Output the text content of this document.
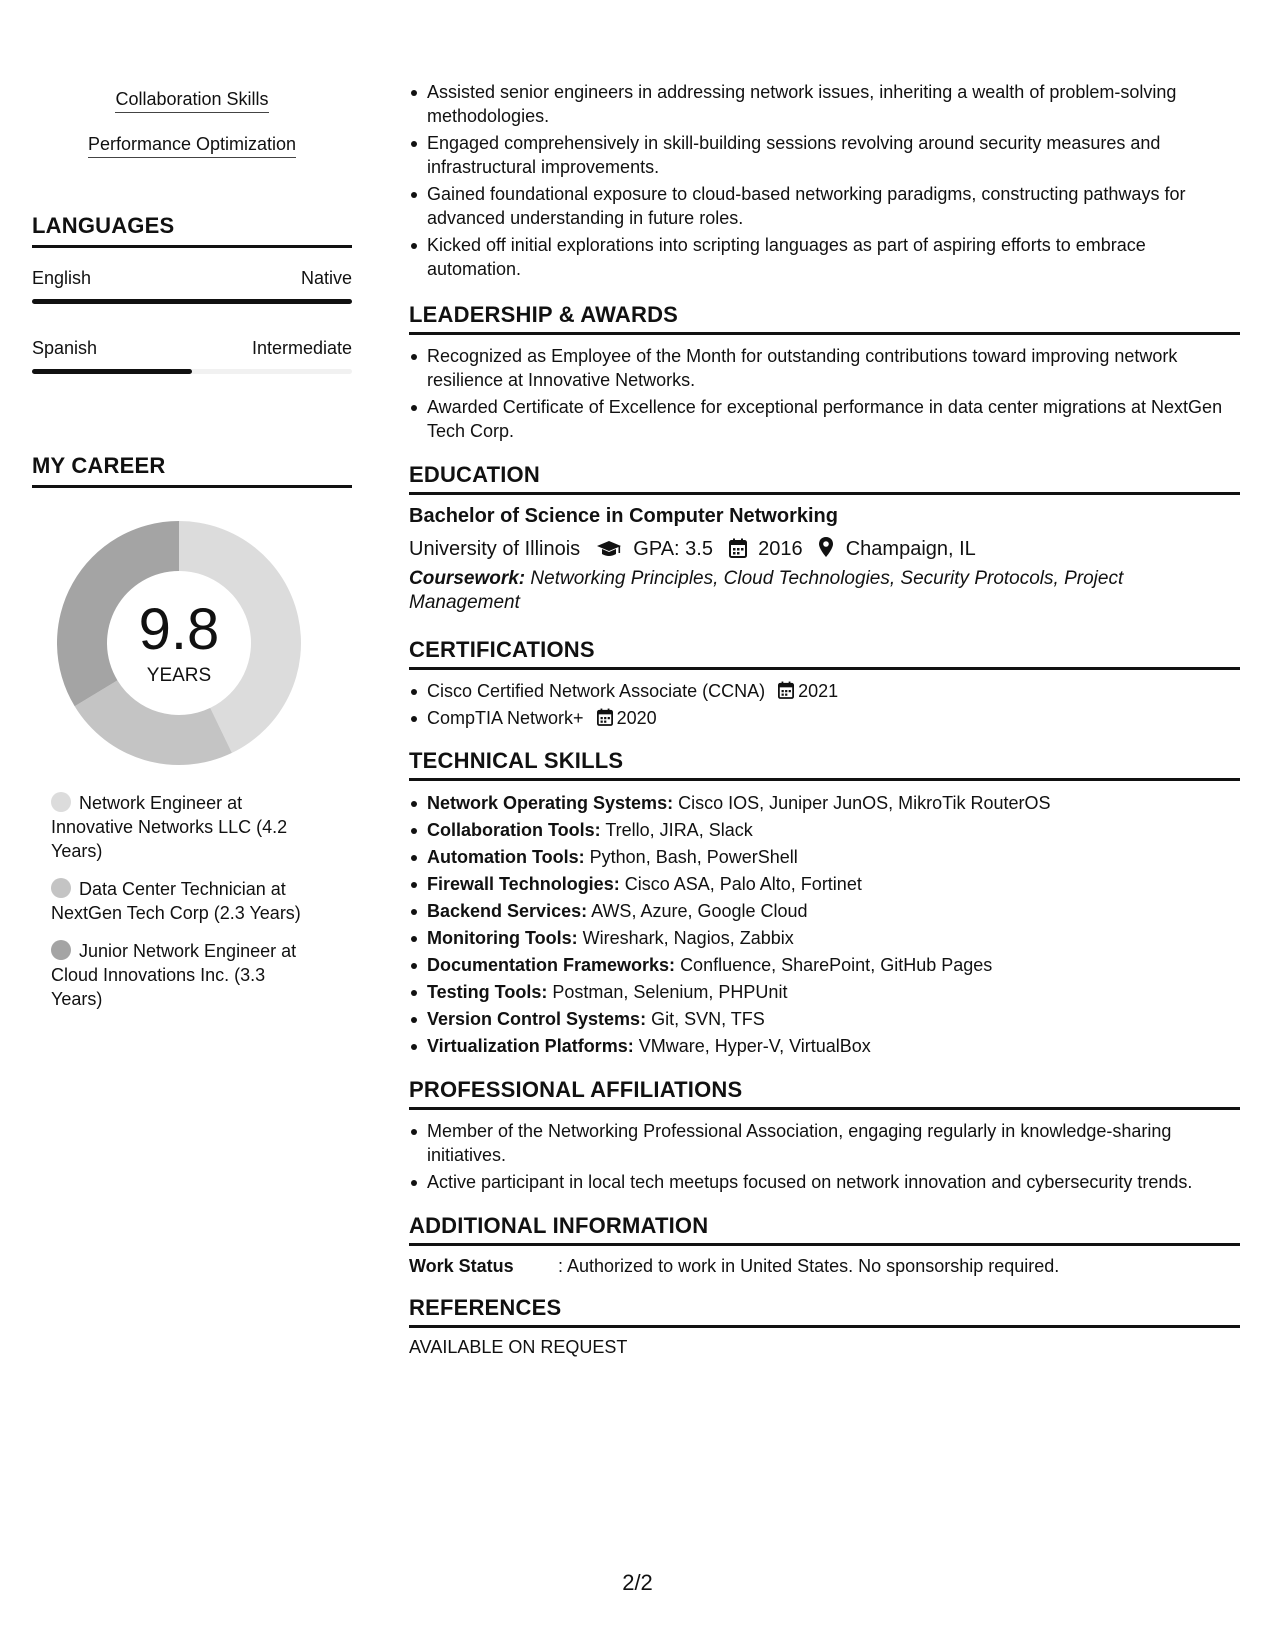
Collaboration Skills
Performance Optimization
LANGUAGES
English	Native
Spanish	Intermediate
MY CAREER
9.8
YEARS
Network Engineer at Innovative Networks LLC (4.2 Years)
Data Center Technician at NextGen Tech Corp (2.3 Years)
Junior Network Engineer at Cloud Innovations Inc. (3.3 Years)
Assisted senior engineers in addressing network issues, inheriting a wealth of problem-solving methodologies.
Engaged comprehensively in skill-building sessions revolving around security measures and infrastructural improvements.
Gained foundational exposure to cloud-based networking paradigms, constructing pathways for advanced understanding in future roles.
Kicked off initial explorations into scripting languages as part of aspiring efforts to embrace automation.
LEADERSHIP & AWARDS
Recognized as Employee of the Month for outstanding contributions toward improving network resilience at Innovative Networks.
Awarded Certificate of Excellence for exceptional performance in data center migrations at NextGen Tech Corp.
EDUCATION
Bachelor of Science in Computer Networking
University of Illinois	GPA: 3.5 2016 Champaign, IL
Coursework: Networking Principles, Cloud Technologies, Security Protocols, Project Management
CERTIFICATIONS
Cisco Certified Network Associate (CCNA) 2021
CompTIA Network+ 2020
TECHNICAL SKILLS
Network Operating Systems: Cisco IOS, Juniper JunOS, MikroTik RouterOS
Collaboration Tools: Trello, JIRA, Slack
Automation Tools: Python, Bash, PowerShell
Firewall Technologies: Cisco ASA, Palo Alto, Fortinet
Backend Services: AWS, Azure, Google Cloud
Monitoring Tools: Wireshark, Nagios, Zabbix
Documentation Frameworks: Confluence, SharePoint, GitHub Pages
Testing Tools: Postman, Selenium, PHPUnit
Version Control Systems: Git, SVN, TFS
Virtualization Platforms: VMware, Hyper-V, VirtualBox
PROFESSIONAL AFFILIATIONS
Member of the Networking Professional Association, engaging regularly in knowledge-sharing initiatives.
Active participant in local tech meetups focused on network innovation and cybersecurity trends.
ADDITIONAL INFORMATION
Work Status : Authorized to work in United States. No sponsorship required.
REFERENCES
AVAILABLE ON REQUEST
2/2
